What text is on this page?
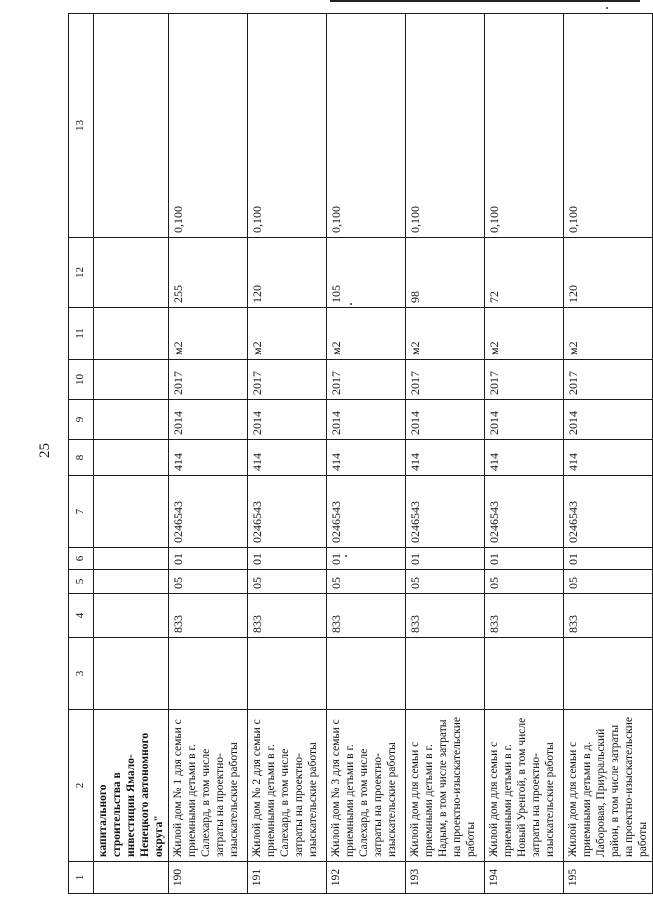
25
1	2	3	4	5	6	7	8	9	10	11	12	13
	капитального строительства в инвестиции Ямало-Ненецкого автономного округа"											
190	Жилой дом № 1 для семьи с приемными детьми в г. Салехард, в том числе затраты на проектно-изыскательские работы		833	05	01	0246543	414	2014	2017	м2	255	0,100
191	Жилой дом № 2 для семьи с приемными детьми в г. Салехард, в том числе затраты на проектно-изыскательские работы		833	05	01	0246543	414	2014	2017	м2	120	0,100
192	Жилой дом № 3 для семьи с приемными детьми в г. Салехард, в том числе затраты на проектно-изыскательские работы		833	05	01	0246543	414	2014	2017	м2	105	0,100
193	Жилой дом для семьи с приемными детьми в г. Надым, в том числе затраты на проектно-изыскательские работы		833	05	01	0246543	414	2014	2017	м2	98	0,100
194	Жилой дом для семьи с приемными детьми в г. Новый Уренгой, в том числе затраты на проектно-изыскательские работы		833	05	01	0246543	414	2014	2017	м2	72	0,100
195	Жилой дом для семьи с приемными детьми в д. Лаборовая, Приуральский район, в том числе затраты на проектно-изыскательские работы		833	05	01	0246543	414	2014	2017	м2	120	0,100
